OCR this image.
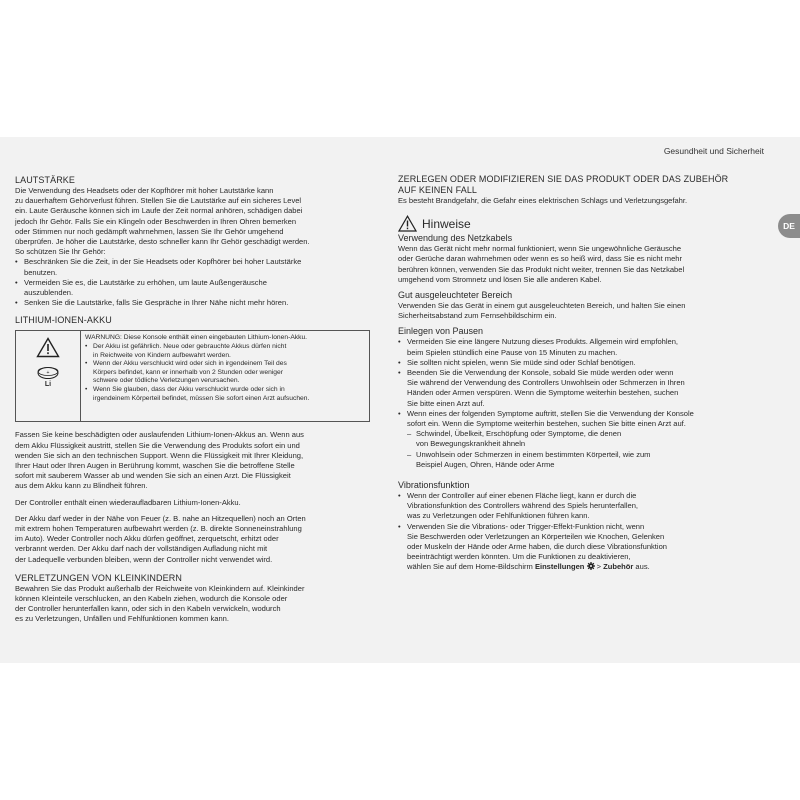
Gesundheit und Sicherheit
DE
LAUTSTÄRKE

Die Verwendung des Headsets oder der Kopfhörer mit hoher Lautstärke kann
zu dauerhaftem Gehörverlust führen. Stellen Sie die Lautstärke auf ein sicheres Level
ein. Laute Geräusche können sich im Laufe der Zeit normal anhören, schädigen dabei
jedoch Ihr Gehör. Falls Sie ein Klingeln oder Beschwerden in Ihren Ohren bemerken
oder Stimmen nur noch gedämpft wahrnehmen, lassen Sie Ihr Gehör umgehend
überprüfen. Je höher die Lautstärke, desto schneller kann Ihr Gehör geschädigt werden.
So schützen Sie Ihr Gehör:

• Beschränken Sie die Zeit, in der Sie Headsets oder Kopfhörer bei hoher Lautstärke
benutzen.
• Vermeiden Sie es, die Lautstärke zu erhöhen, um laute Außengeräusche
auszublenden.
• Senken Sie die Lautstärke, falls Sie Gespräche in Ihrer Nähe nicht mehr hören.
LITHIUM-IONEN-AKKU
+
Li
WARNUNG: Diese Konsole enthält einen eingebauten Lithium-Ionen-Akku.
• Der Akku ist gefährlich. Neue oder gebrauchte Akkus dürfen nicht
in Reichweite von Kindern aufbewahrt werden.
• Wenn der Akku verschluckt wird oder sich in irgendeinem Teil des
Körpers befindet, kann er innerhalb von 2 Stunden oder weniger
schwere oder tödliche Verletzungen verursachen.
• Wenn Sie glauben, dass der Akku verschluckt wurde oder sich in
irgendeinem Körperteil befindet, müssen Sie sofort einen Arzt aufsuchen.

Fassen Sie keine beschädigten oder auslaufenden Lithium-Ionen-Akkus an. Wenn aus
dem Akku Flüssigkeit austritt, stellen Sie die Verwendung des Produkts sofort ein und
wenden Sie sich an den technischen Support. Wenn die Flüssigkeit mit Ihrer Kleidung,
Ihrer Haut oder Ihren Augen in Berührung kommt, waschen Sie die betroffene Stelle
sofort mit sauberem Wasser ab und wenden Sie sich an einen Arzt. Die Flüssigkeit
aus dem Akku kann zu Blindheit führen.

Der Controller enthält einen wiederaufladbaren Lithium-Ionen-Akku.

Der Akku darf weder in der Nähe von Feuer (z. B. nahe an Hitzequellen) noch an Orten
mit extrem hohen Temperaturen aufbewahrt werden (z. B. direkte Sonneneinstrahlung
im Auto). Weder Controller noch Akku dürfen geöffnet, zerquetscht, erhitzt oder
verbrannt werden. Der Akku darf nach der vollständigen Aufladung nicht mit
der Ladequelle verbunden bleiben, wenn der Controller nicht verwendet wird.

VERLETZUNGEN VON KLEINKINDERN

Bewahren Sie das Produkt außerhalb der Reichweite von Kleinkindern auf. Kleinkinder
können Kleinteile verschlucken, an den Kabeln ziehen, wodurch die Konsole oder
der Controller herunterfallen kann, oder sich in den Kabeln verwickeln, wodurch
es zu Verletzungen, Unfällen und Fehlfunktionen kommen kann.

ZERLEGEN ODER MODIFIZIEREN SIE DAS PRODUKT ODER DAS ZUBEHÖR
AUF KEINEN FALL

Es besteht Brandgefahr, die Gefahr eines elektrischen Schlags und Verletzungsgefahr.

Hinweise
Verwendung des Netzkabels

Wenn das Gerät nicht mehr normal funktioniert, wenn Sie ungewöhnliche Geräusche
oder Gerüche daran wahrnehmen oder wenn es so heiß wird, dass Sie es nicht mehr
berühren können, verwenden Sie das Produkt nicht weiter, trennen Sie das Netzkabel
umgehend vom Stromnetz und lösen Sie alle anderen Kabel.

Gut ausgeleuchteter Bereich

Verwenden Sie das Gerät in einem gut ausgeleuchteten Bereich, und halten Sie einen
Sicherheitsabstand zum Fernsehbildschirm ein.

Einlegen von Pausen
• Vermeiden Sie eine längere Nutzung dieses Produkts. Allgemein wird empfohlen,
beim Spielen stündlich eine Pause von 15 Minuten zu machen.
• Sie sollten nicht spielen, wenn Sie müde sind oder Schlaf benötigen.
• Beenden Sie die Verwendung der Konsole, sobald Sie müde werden oder wenn
Sie während der Verwendung des Controllers Unwohlsein oder Schmerzen in Ihren
Händen oder Armen verspüren. Wenn die Symptome weiterhin bestehen, suchen
Sie bitte einen Arzt auf.
• Wenn eines der folgenden Symptome auftritt, stellen Sie die Verwendung der Konsole
sofort ein. Wenn die Symptome weiterhin bestehen, suchen Sie bitte einen Arzt auf.
– Schwindel, Übelkeit, Erschöpfung oder Symptome, die denen
von Bewegungskrankheit ähneln
– Unwohlsein oder Schmerzen in einem bestimmten Körperteil, wie zum
Beispiel Augen, Ohren, Hände oder Arme
Vibrationsfunktion
• Wenn der Controller auf einer ebenen Fläche liegt, kann er durch die
Vibrationsfunktion des Controllers während des Spiels herunterfallen,
was zu Verletzungen oder Fehlfunktionen führen kann.
• Verwenden Sie die Vibrations- oder Trigger-Effekt-Funktion nicht, wenn
Sie Beschwerden oder Verletzungen an Körperteilen wie Knochen, Gelenken
oder Muskeln der Hände oder Arme haben, die durch diese Vibrationsfunktion
beeinträchtigt werden könnten. Um die Funktionen zu deaktivieren,
wählen Sie auf dem Home-Bildschirm Einstellungen  > Zubehör aus.
